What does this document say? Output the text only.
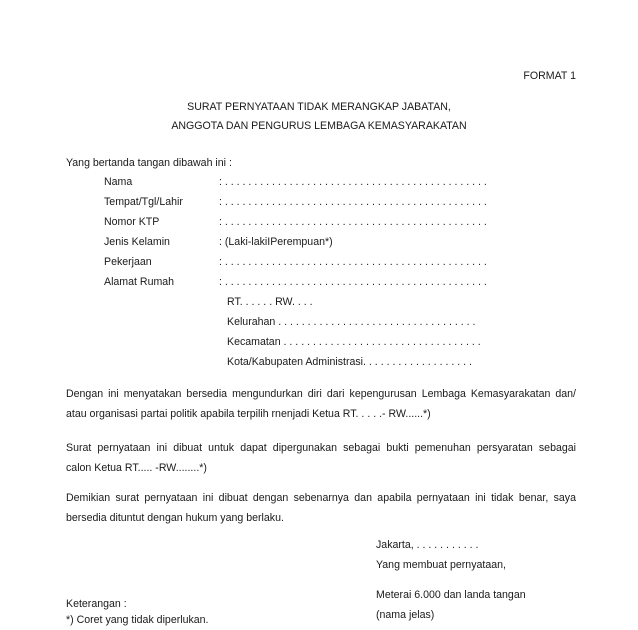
FORMAT 1
SURAT PERNYATAAN TIDAK MERANGKAP JABATAN,
ANGGOTA DAN PENGURUS LEMBAGA KEMASYARAKATAN
Yang bertanda tangan dibawah ini :
Nama	: . . . . . . . . . . . . . . . . . . . . . . . . . . . . . . . . . . . . . . . . . . . . .
Tempat/Tgl/Lahir	: . . . . . . . . . . . . . . . . . . . . . . . . . . . . . . . . . . . . . . . . . . . . .
Nomor KTP	: . . . . . . . . . . . . . . . . . . . . . . . . . . . . . . . . . . . . . . . . . . . . .
Jenis Kelamin	: (Laki-lakiIPerempuan*)
Pekerjaan	: . . . . . . . . . . . . . . . . . . . . . . . . . . . . . . . . . . . . . . . . . . . . .
Alamat Rumah	: . . . . . . . . . . . . . . . . . . . . . . . . . . . . . . . . . . . . . . . . . . . . .
RT. . . . . . RW. . . .
Kelurahan . . . . . . . . . . . . . . . . . . . . . . . . . . . . . . . . . .
Kecamatan . . . . . . . . . . . . . . . . . . . . . . . . . . . . . . . . . .
Kota/Kabupaten Administrasi. . . . . . . . . . . . . . . . . . .
Dengan ini menyatakan bersedia mengundurkan diri dari kepengurusan Lembaga Kemasyarakatan dan/
atau organisasi partai politik apabila terpilih rnenjadi Ketua RT. . . . .- RW......*)
Surat pernyataan ini dibuat untuk dapat dipergunakan sebagai bukti pemenuhan persyaratan sebagai
calon Ketua RT..... -RW........*)
Demikian surat pernyataan ini dibuat dengan sebenarnya dan apabila pernyataan ini tidak benar, saya
bersedia dituntut dengan hukum yang berlaku.
Jakarta, . . . . . . . . . . .
Yang membuat pernyataan,
Meterai 6.000 dan landa tangan
(nama jelas)
Keterangan :
*) Coret yang tidak diperlukan.
